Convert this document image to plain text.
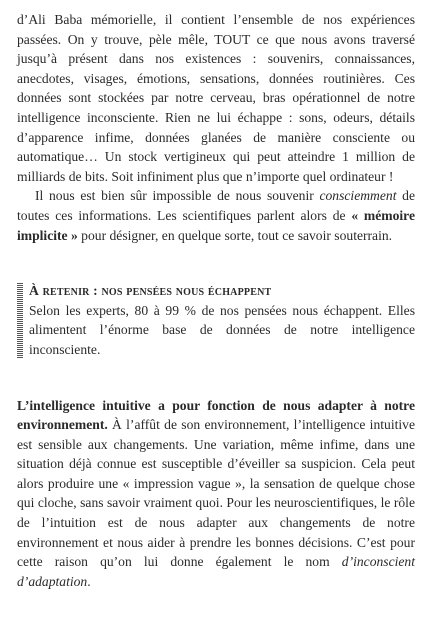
d’Ali Baba mémorielle, il contient l’ensemble de nos expériences passées. On y trouve, pèle mêle, TOUT ce que nous avons traversé jusqu’à présent dans nos existences : souvenirs, connaissances, anecdotes, visages, émotions, sensations, données routinières. Ces données sont stockées par notre cerveau, bras opérationnel de notre intelligence inconsciente. Rien ne lui échappe : sons, odeurs, détails d’apparence infime, données glanées de manière consciente ou automatique… Un stock vertigineux qui peut atteindre 1 million de milliards de bits. Soit infiniment plus que n’importe quel ordinateur !

Il nous est bien sûr impossible de nous souvenir consciemment de toutes ces informations. Les scientifiques parlent alors de « mémoire implicite » pour désigner, en quelque sorte, tout ce savoir souterrain.

À retenir : nos pensées nous échappent

Selon les experts, 80 à 99 % de nos pensées nous échappent. Elles alimentent l’énorme base de données de notre intelligence inconsciente.

L’intelligence intuitive a pour fonction de nous adapter à notre environnement. À l’affût de son environnement, l’intelligence intuitive est sensible aux changements. Une variation, même infime, dans une situation déjà connue est susceptible d’éveiller sa suspicion. Cela peut alors produire une « impression vague », la sensation de quelque chose qui cloche, sans savoir vraiment quoi. Pour les neuroscientifiques, le rôle de l’intuition est de nous adapter aux changements de notre environnement et nous aider à prendre les bonnes décisions. C’est pour cette raison qu’on lui donne également le nom d’inconscient d’adaptation.
